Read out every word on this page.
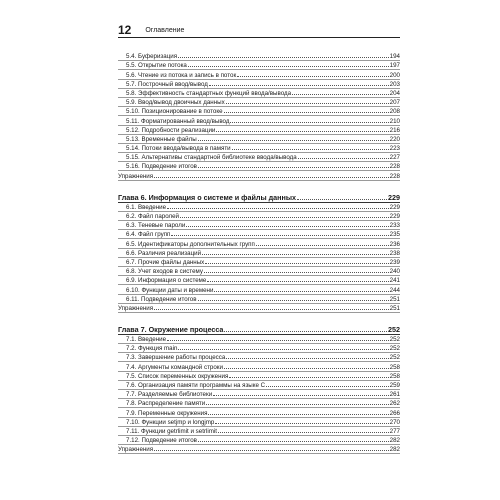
12 Оглавление
5.4. Буферизация	194
5.5. Открытие потока	197
5.6. Чтение из потока и запись в поток	200
5.7. Построчный ввод/вывод	203
5.8. Эффективность стандартных функций ввода/вывода	204
5.9. Ввод/вывод двоичных данных	207
5.10. Позиционирование в потоке	208
5.11. Форматированный ввод/вывод	210
5.12. Подробности реализации	216
5.13. Временные файлы	220
5.14. Потоки ввода/вывода в памяти	223
5.15. Альтернативы стандартной библиотеке ввода/вывода	227
5.16. Подведение итогов	228
Упражнения	228
Глава 6. Информация о системе и файлы данных	229
6.1. Введение	229
6.2. Файл паролей	229
6.3. Теневые пароли	233
6.4. Файл групп	235
6.5. Идентификаторы дополнительных групп	236
6.6. Различия реализаций	238
6.7. Прочие файлы данных	239
6.8. Учет входов в систему	240
6.9. Информация о системе	241
6.10. Функции даты и времени	244
6.11. Подведение итогов	251
Упражнения	251
Глава 7. Окружение процесса	252
7.1. Введение	252
7.2. Функция main	252
7.3. Завершение работы процесса	252
7.4. Аргументы командной строки	258
7.5. Список переменных окружения	258
7.6. Организация памяти программы на языке C	259
7.7. Разделяемые библиотеки	261
7.8. Распределение памяти	262
7.9. Переменные окружения	266
7.10. Функции setjmp и longjmp	270
7.11. Функции getrlimit и setrlimit	277
7.12. Подведение итогов	282
Упражнения	282
